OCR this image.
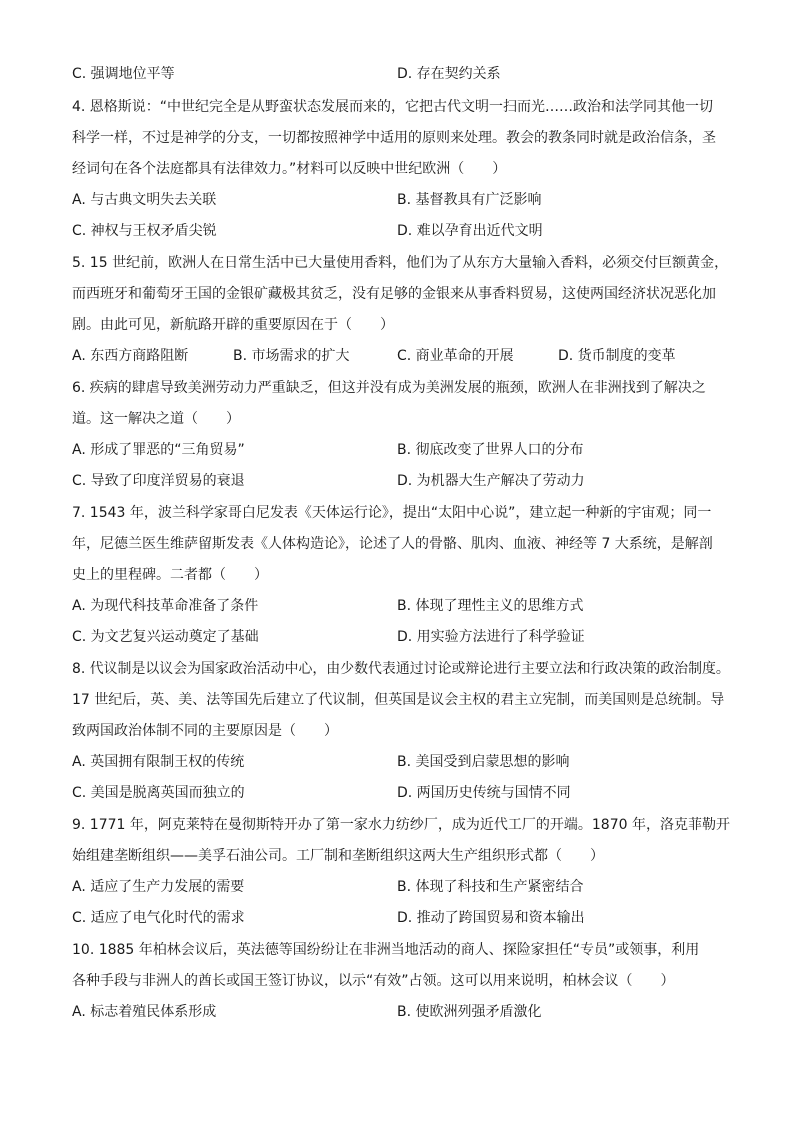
C. 强调地位平等	D. 存在契约关系
4. 恩格斯说：“中世纪完全是从野蛮状态发展而来的，它把古代文明一扫而光……政治和法学同其他一切
科学一样，不过是神学的分支，一切都按照神学中适用的原则来处理。教会的教条同时就是政治信条，圣
经词句在各个法庭都具有法律效力。”材料可以反映中世纪欧洲（　　）
A. 与古典文明失去关联	B. 基督教具有广泛影响
C. 神权与王权矛盾尖锐	D. 难以孕育出近代文明
5. 15 世纪前，欧洲人在日常生活中已大量使用香料，他们为了从东方大量输入香料，必须交付巨额黄金，
而西班牙和葡萄牙王国的金银矿藏极其贫乏，没有足够的金银来从事香料贸易，这使两国经济状况恶化加
剧。由此可见，新航路开辟的重要原因在于（　　）
A. 东西方商路阻断	B. 市场需求的扩大	C. 商业革命的开展	D. 货币制度的变革
6. 疾病的肆虐导致美洲劳动力严重缺乏，但这并没有成为美洲发展的瓶颈，欧洲人在非洲找到了解决之
道。这一解决之道（　　）
A. 形成了罪恶的“三角贸易”	B. 彻底改变了世界人口的分布
C. 导致了印度洋贸易的衰退	D. 为机器大生产解决了劳动力
7. 1543 年，波兰科学家哥白尼发表《天体运行论》，提出“太阳中心说”，建立起一种新的宇宙观；同一
年，尼德兰医生维萨留斯发表《人体构造论》，论述了人的骨骼、肌肉、血液、神经等 7 大系统，是解剖
史上的里程碑。二者都（　　）
A. 为现代科技革命准备了条件	B. 体现了理性主义的思维方式
C. 为文艺复兴运动奠定了基础	D. 用实验方法进行了科学验证
8. 代议制是以议会为国家政治活动中心，由少数代表通过讨论或辩论进行主要立法和行政决策的政治制度。
17 世纪后，英、美、法等国先后建立了代议制，但英国是议会主权的君主立宪制，而美国则是总统制。导
致两国政治体制不同的主要原因是（　　）
A. 英国拥有限制王权的传统	B. 美国受到启蒙思想的影响
C. 美国是脱离英国而独立的	D. 两国历史传统与国情不同
9. 1771 年，阿克莱特在曼彻斯特开办了第一家水力纺纱厂，成为近代工厂的开端。1870 年，洛克菲勒开
始组建垄断组织——美孚石油公司。工厂制和垄断组织这两大生产组织形式都（　　）
A. 适应了生产力发展的需要	B. 体现了科技和生产紧密结合
C. 适应了电气化时代的需求	D. 推动了跨国贸易和资本输出
10. 1885 年柏林会议后，英法德等国纷纷让在非洲当地活动的商人、探险家担任“专员”或领事，利用
各种手段与非洲人的酋长或国王签订协议，以示“有效”占领。这可以用来说明，柏林会议（　　）
A. 标志着殖民体系形成	B. 使欧洲列强矛盾激化
